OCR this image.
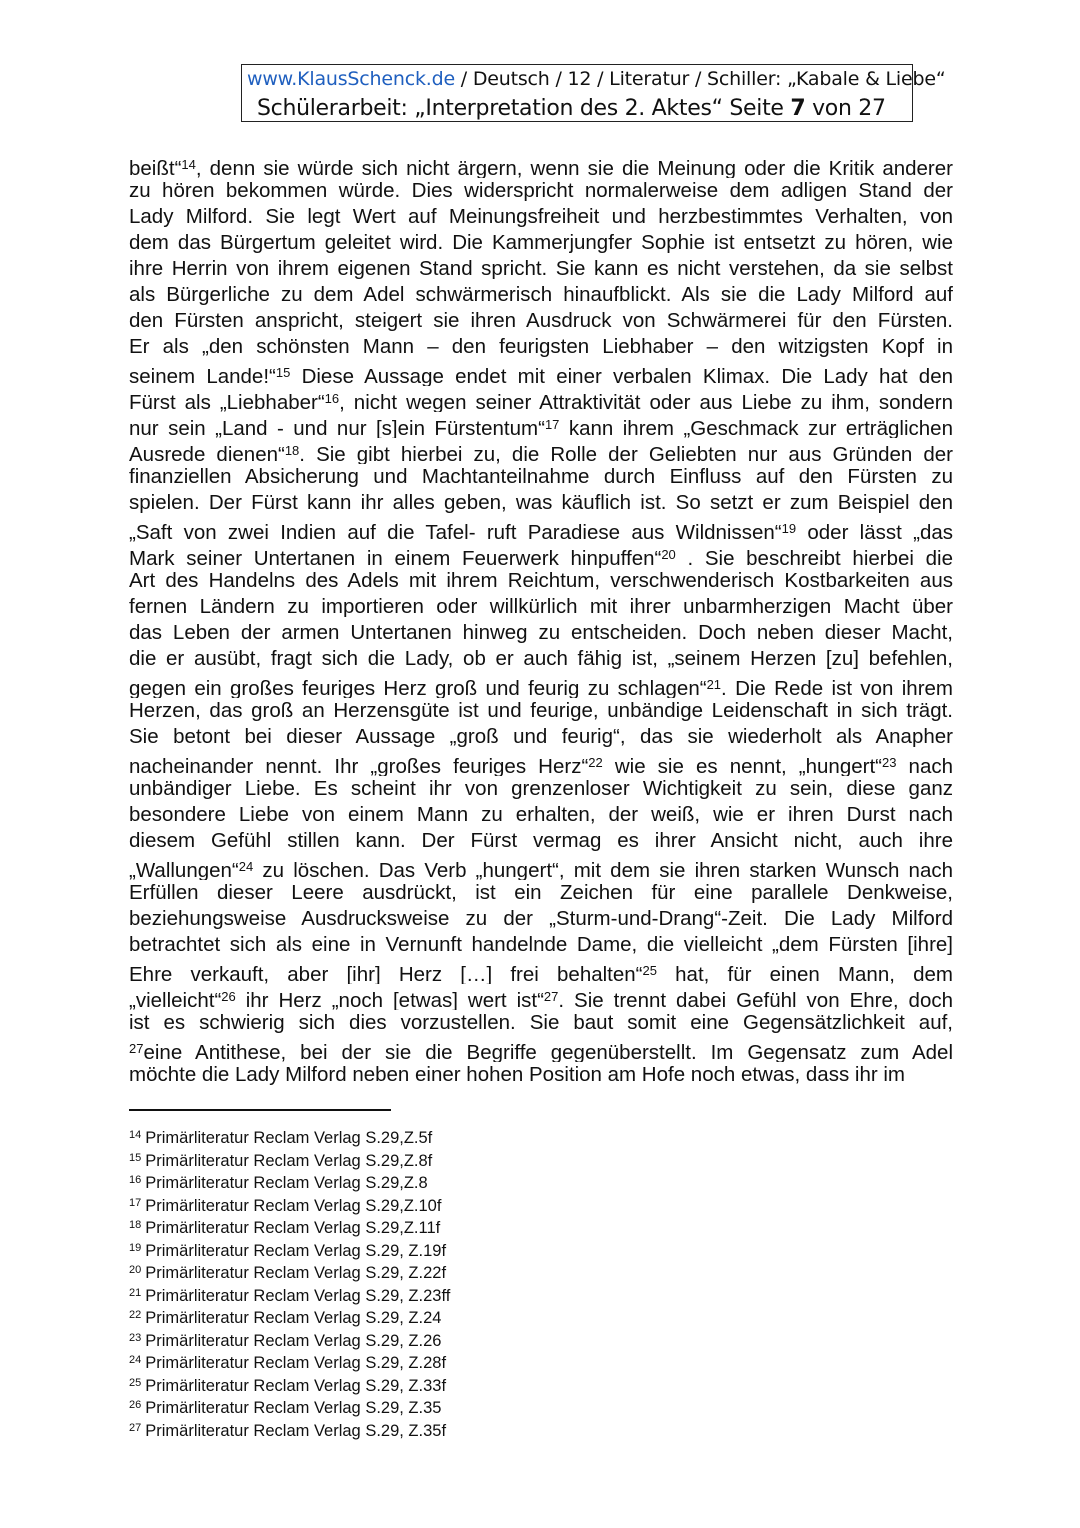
www.KlausSchenck.de / Deutsch / 12 / Literatur / Schiller: „Kabale & Liebe“
Schülerarbeit: „Interpretation des 2. Aktes“ Seite 7 von 27
beißt“$^{14}$, denn sie würde sich nicht ärgern, wenn sie die Meinung oder die Kritik anderer
zu hören bekommen würde. Dies widerspricht normalerweise dem adligen Stand der
Lady Milford. Sie legt Wert auf Meinungsfreiheit und herzbestimmtes Verhalten, von
dem das Bürgertum geleitet wird. Die Kammerjungfer Sophie ist entsetzt zu hören, wie
ihre Herrin von ihrem eigenen Stand spricht. Sie kann es nicht verstehen, da sie selbst
als Bürgerliche zu dem Adel schwärmerisch hinaufblickt. Als sie die Lady Milford auf
den Fürsten anspricht, steigert sie ihren Ausdruck von Schwärmerei für den Fürsten.
Er als „den schönsten Mann – den feurigsten Liebhaber – den witzigsten Kopf in
seinem Lande!“$^{15}$ Diese Aussage endet mit einer verbalen Klimax. Die Lady hat den
Fürst als „Liebhaber“$^{16}$, nicht wegen seiner Attraktivität oder aus Liebe zu ihm, sondern
nur sein „Land - und nur [s]ein Fürstentum“$^{17}$ kann ihrem „Geschmack zur erträglichen
Ausrede dienen“$^{18}$. Sie gibt hierbei zu, die Rolle der Geliebten nur aus Gründen der
finanziellen Absicherung und Machtanteilnahme durch Einfluss auf den Fürsten zu
spielen. Der Fürst kann ihr alles geben, was käuflich ist. So setzt er zum Beispiel den
„Saft von zwei Indien auf die Tafel- ruft Paradiese aus Wildnissen“$^{19}$ oder lässt „das
Mark seiner Untertanen in einem Feuerwerk hinpuffen“$^{20}$ . Sie beschreibt hierbei die
Art des Handelns des Adels mit ihrem Reichtum, verschwenderisch Kostbarkeiten aus
fernen Ländern zu importieren oder willkürlich mit ihrer unbarmherzigen Macht über
das Leben der armen Untertanen hinweg zu entscheiden. Doch neben dieser Macht,
die er ausübt, fragt sich die Lady, ob er auch fähig ist, „seinem Herzen [zu] befehlen,
gegen ein großes feuriges Herz groß und feurig zu schlagen“$^{21}$. Die Rede ist von ihrem
Herzen, das groß an Herzensgüte ist und feurige, unbändige Leidenschaft in sich trägt.
Sie betont bei dieser Aussage „groß und feurig“, das sie wiederholt als Anapher
nacheinander nennt. Ihr „großes feuriges Herz“$^{22}$ wie sie es nennt, „hungert“$^{23}$ nach
unbändiger Liebe. Es scheint ihr von grenzenloser Wichtigkeit zu sein, diese ganz
besondere Liebe von einem Mann zu erhalten, der weiß, wie er ihren Durst nach
diesem Gefühl stillen kann. Der Fürst vermag es ihrer Ansicht nicht, auch ihre
„Wallungen“$^{24}$ zu löschen. Das Verb „hungert“, mit dem sie ihren starken Wunsch nach
Erfüllen dieser Leere ausdrückt, ist ein Zeichen für eine parallele Denkweise,
beziehungsweise Ausdrucksweise zu der „Sturm-und-Drang“-Zeit. Die Lady Milford
betrachtet sich als eine in Vernunft handelnde Dame, die vielleicht „dem Fürsten [ihre]
Ehre verkauft, aber [ihr] Herz […] frei behalten“$^{25}$ hat, für einen Mann, dem
„vielleicht“$^{26}$ ihr Herz „noch [etwas] wert ist“$^{27}$. Sie trennt dabei Gefühl von Ehre, doch
ist es schwierig sich dies vorzustellen. Sie baut somit eine Gegensätzlichkeit auf,
$^{27}$eine Antithese, bei der sie die Begriffe gegenüberstellt. Im Gegensatz zum Adel
möchte die Lady Milford neben einer hohen Position am Hofe noch etwas, dass ihr im
$^{14}$ Primärliteratur Reclam Verlag S.29,Z.5f
$^{15}$ Primärliteratur Reclam Verlag S.29,Z.8f
$^{16}$ Primärliteratur Reclam Verlag S.29,Z.8
$^{17}$ Primärliteratur Reclam Verlag S.29,Z.10f
$^{18}$ Primärliteratur Reclam Verlag S.29,Z.11f
$^{19}$ Primärliteratur Reclam Verlag S.29, Z.19f
$^{20}$ Primärliteratur Reclam Verlag S.29, Z.22f
$^{21}$ Primärliteratur Reclam Verlag S.29, Z.23ff
$^{22}$ Primärliteratur Reclam Verlag S.29, Z.24
$^{23}$ Primärliteratur Reclam Verlag S.29, Z.26
$^{24}$ Primärliteratur Reclam Verlag S.29, Z.28f
$^{25}$ Primärliteratur Reclam Verlag S.29, Z.33f
$^{26}$ Primärliteratur Reclam Verlag S.29, Z.35
$^{27}$ Primärliteratur Reclam Verlag S.29, Z.35f
